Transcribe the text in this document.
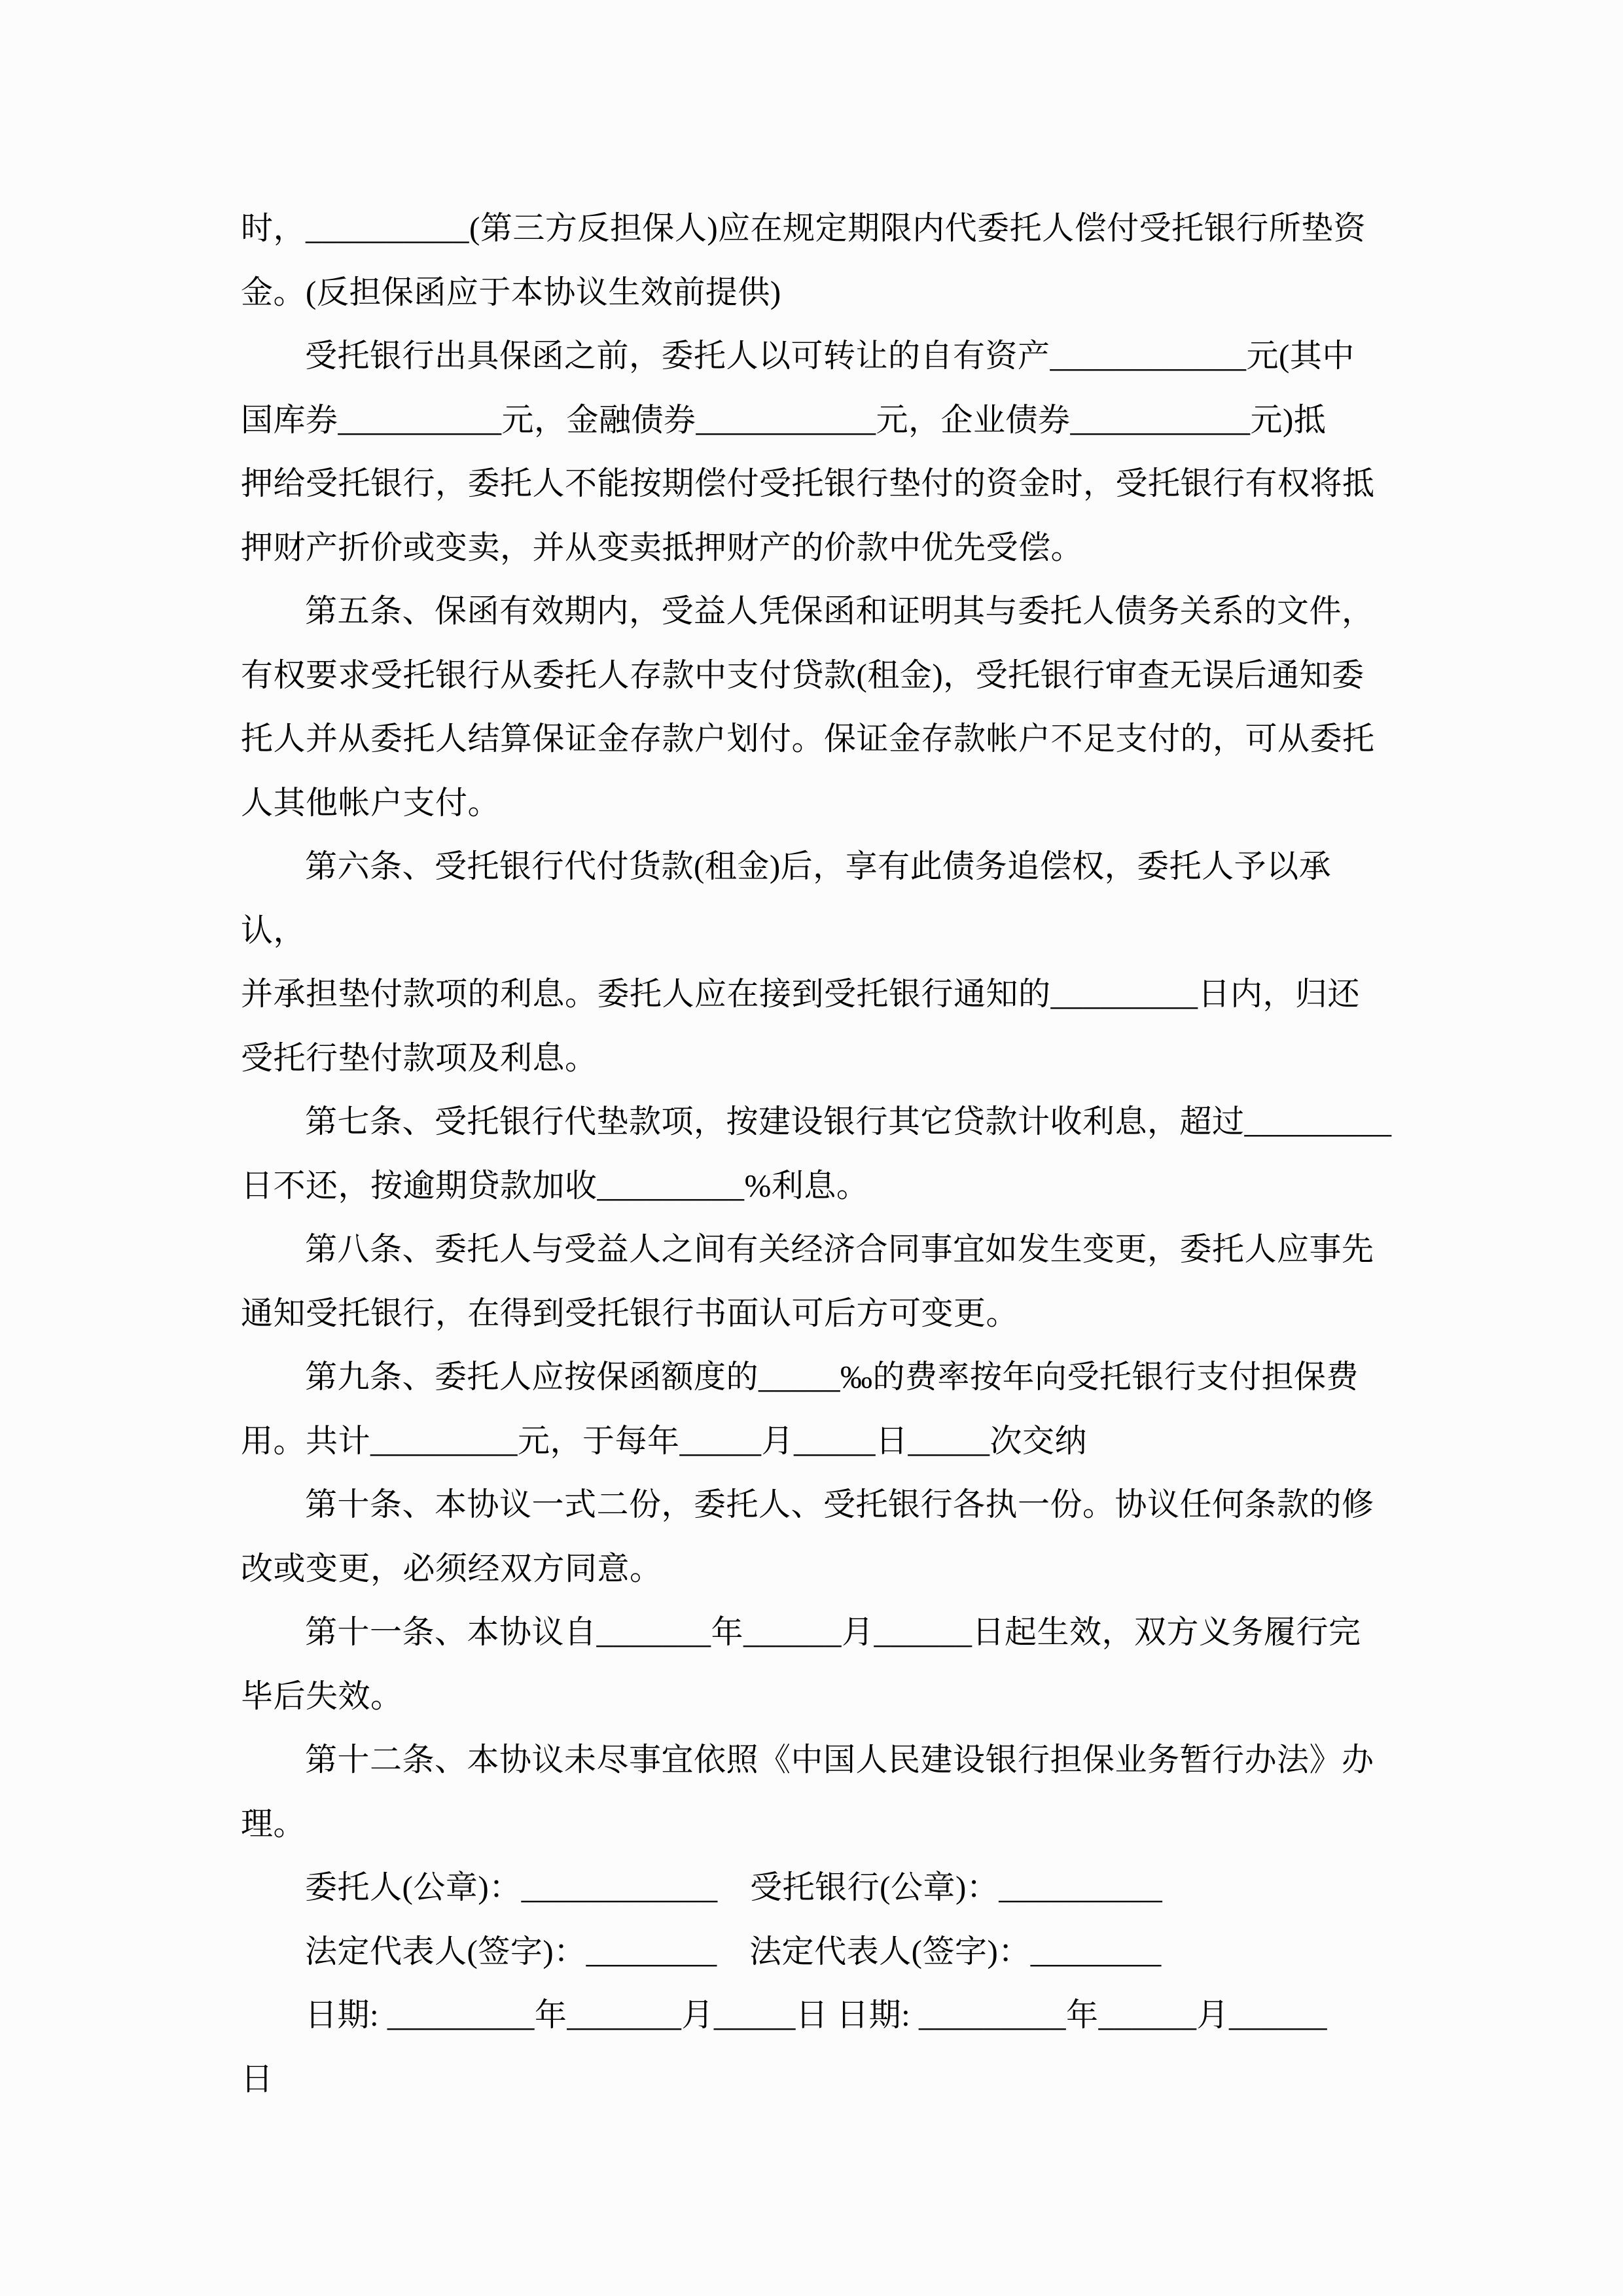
时，__________(第三方反担保人)应在规定期限内代委托人偿付受托银行所垫资
金。(反担保函应于本协议生效前提供)
受托银行出具保函之前，委托人以可转让的自有资产____________元(其中
国库券__________元，金融债券___________元，企业债券___________元)抵
押给受托银行，委托人不能按期偿付受托银行垫付的资金时，受托银行有权将抵
押财产折价或变卖，并从变卖抵押财产的价款中优先受偿。
第五条、保函有效期内，受益人凭保函和证明其与委托人债务关系的文件，
有权要求受托银行从委托人存款中支付贷款(租金)，受托银行审查无误后通知委
托人并从委托人结算保证金存款户划付。保证金存款帐户不足支付的，可从委托
人其他帐户支付。
第六条、受托银行代付货款(租金)后，享有此债务追偿权，委托人予以承认，
并承担垫付款项的利息。委托人应在接到受托银行通知的_________日内，归还
受托行垫付款项及利息。
第七条、受托银行代垫款项，按建设银行其它贷款计收利息，超过_________
日不还，按逾期贷款加收_________%利息。
第八条、委托人与受益人之间有关经济合同事宜如发生变更，委托人应事先
通知受托银行，在得到受托银行书面认可后方可变更。
第九条、委托人应按保函额度的_____‰的费率按年向受托银行支付担保费
用。共计_________元，于每年_____月_____日_____次交纳
第十条、本协议一式二份，委托人、受托银行各执一份。协议任何条款的修
改或变更，必须经双方同意。
第十一条、本协议自_______年______月______日起生效，双方义务履行完
毕后失效。
第十二条、本协议未尽事宜依照《中国人民建设银行担保业务暂行办法》办
理。
委托人(公章)：____________　受托银行(公章)：__________
法定代表人(签字)：________　法定代表人(签字)：________
日期: _________年_______月_____日 日期: _________年______月______
日
